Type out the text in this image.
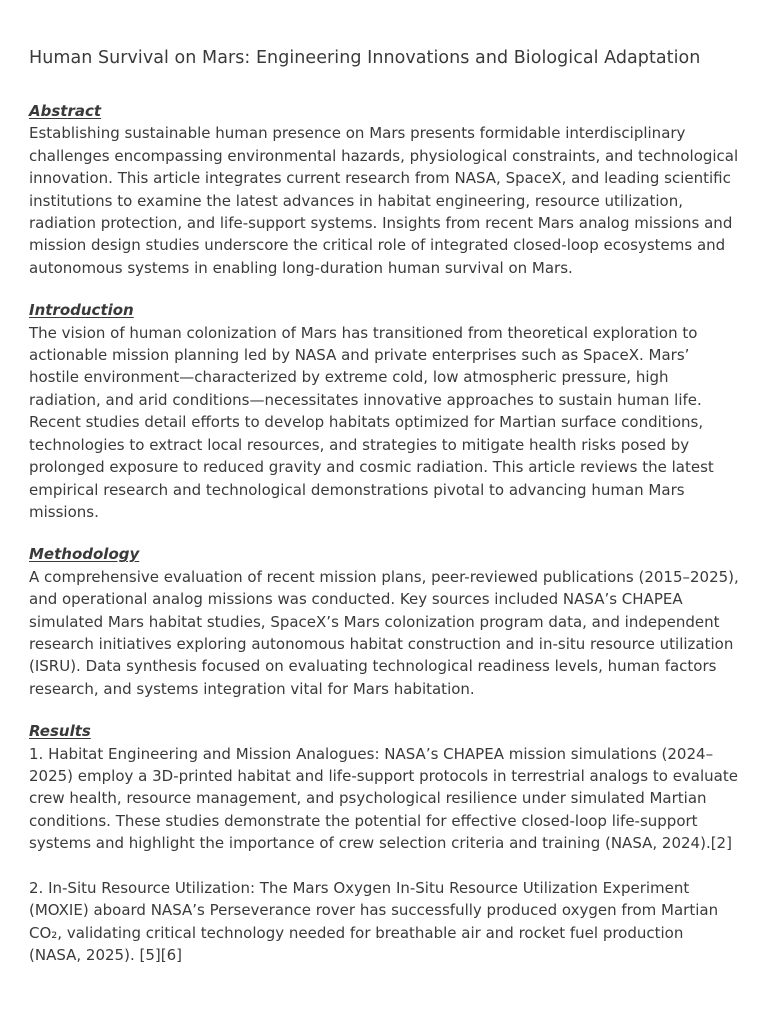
Human Survival on Mars: Engineering Innovations and Biological Adaptation
Abstract

Establishing sustainable human presence on Mars presents formidable interdisciplinary challenges encompassing environmental hazards, physiological constraints, and technological innovation. This article integrates current research from NASA, SpaceX, and leading scientific institutions to examine the latest advances in habitat engineering, resource utilization, radiation protection, and life-support systems. Insights from recent Mars analog missions and mission design studies underscore the critical role of integrated closed-loop ecosystems and autonomous systems in enabling long-duration human survival on Mars.

Introduction

The vision of human colonization of Mars has transitioned from theoretical exploration to actionable mission planning led by NASA and private enterprises such as SpaceX. Mars’ hostile environment—characterized by extreme cold, low atmospheric pressure, high radiation, and arid conditions—necessitates innovative approaches to sustain human life. Recent studies detail efforts to develop habitats optimized for Martian surface conditions, technologies to extract local resources, and strategies to mitigate health risks posed by prolonged exposure to reduced gravity and cosmic radiation. This article reviews the latest empirical research and technological demonstrations pivotal to advancing human Mars missions.

Methodology

A comprehensive evaluation of recent mission plans, peer-reviewed publications (2015–2025), and operational analog missions was conducted. Key sources included NASA’s CHAPEA simulated Mars habitat studies, SpaceX’s Mars colonization program data, and independent research initiatives exploring autonomous habitat construction and in-situ resource utilization (ISRU). Data synthesis focused on evaluating technological readiness levels, human factors research, and systems integration vital for Mars habitation.

Results

1. Habitat Engineering and Mission Analogues: NASA’s CHAPEA mission simulations (2024–2025) employ a 3D-printed habitat and life-support protocols in terrestrial analogs to evaluate crew health, resource management, and psychological resilience under simulated Martian conditions. These studies demonstrate the potential for effective closed-loop life-support systems and highlight the importance of crew selection criteria and training (NASA, 2024).[2]

2. In-Situ Resource Utilization: The Mars Oxygen In-Situ Resource Utilization Experiment (MOXIE) aboard NASA’s Perseverance rover has successfully produced oxygen from Martian CO₂, validating critical technology needed for breathable air and rocket fuel production (NASA, 2025). [5][6]
